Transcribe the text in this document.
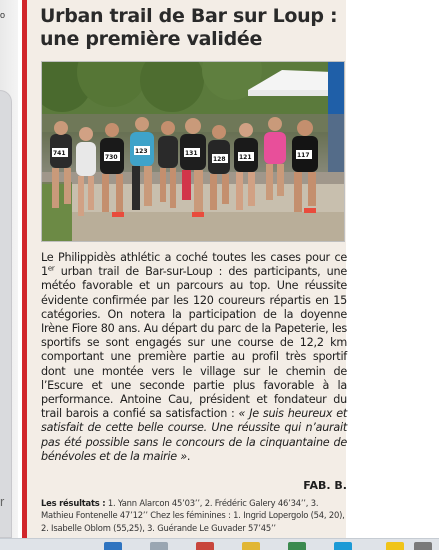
o
r
Urban trail de Bar sur Loup : une première validée
741
730
123	131
128 121	117

Le Philippidès athlétic a coché toutes les cases pour ce 1er urban trail de Bar-sur-Loup : des participants, une météo favorable et un parcours au top. Une réussite évidente confirmée par les 120 coureurs répartis en 15 catégories. On notera la participation de la doyenne Irène Fiore 80 ans. Au départ du parc de la Papeterie, les sportifs se sont engagés sur une course de 12,2 km comportant une première partie au profil très sportif dont une montée vers le village sur le chemin de l’Escure et une seconde partie plus favorable à la performance. Antoine Cau, président et fondateur du trail barois a confié sa satisfaction : « Je suis heureux et satisfait de cette belle course. Une réussite qui n’aurait pas été possible sans le concours de la cinquantaine de bénévoles et de la mairie ».

FAB. B.
Les résultats : 1. Yann Alarcon 45’03’’, 2. Frédéric Galery 46’34’’, 3. Mathieu Fontenelle 47’12’’ Chez les féminines : 1. Ingrid Lopergolo (54, 20), 2. Isabelle Oblom (55,25), 3. Guérande Le Guvader 57’45’’
